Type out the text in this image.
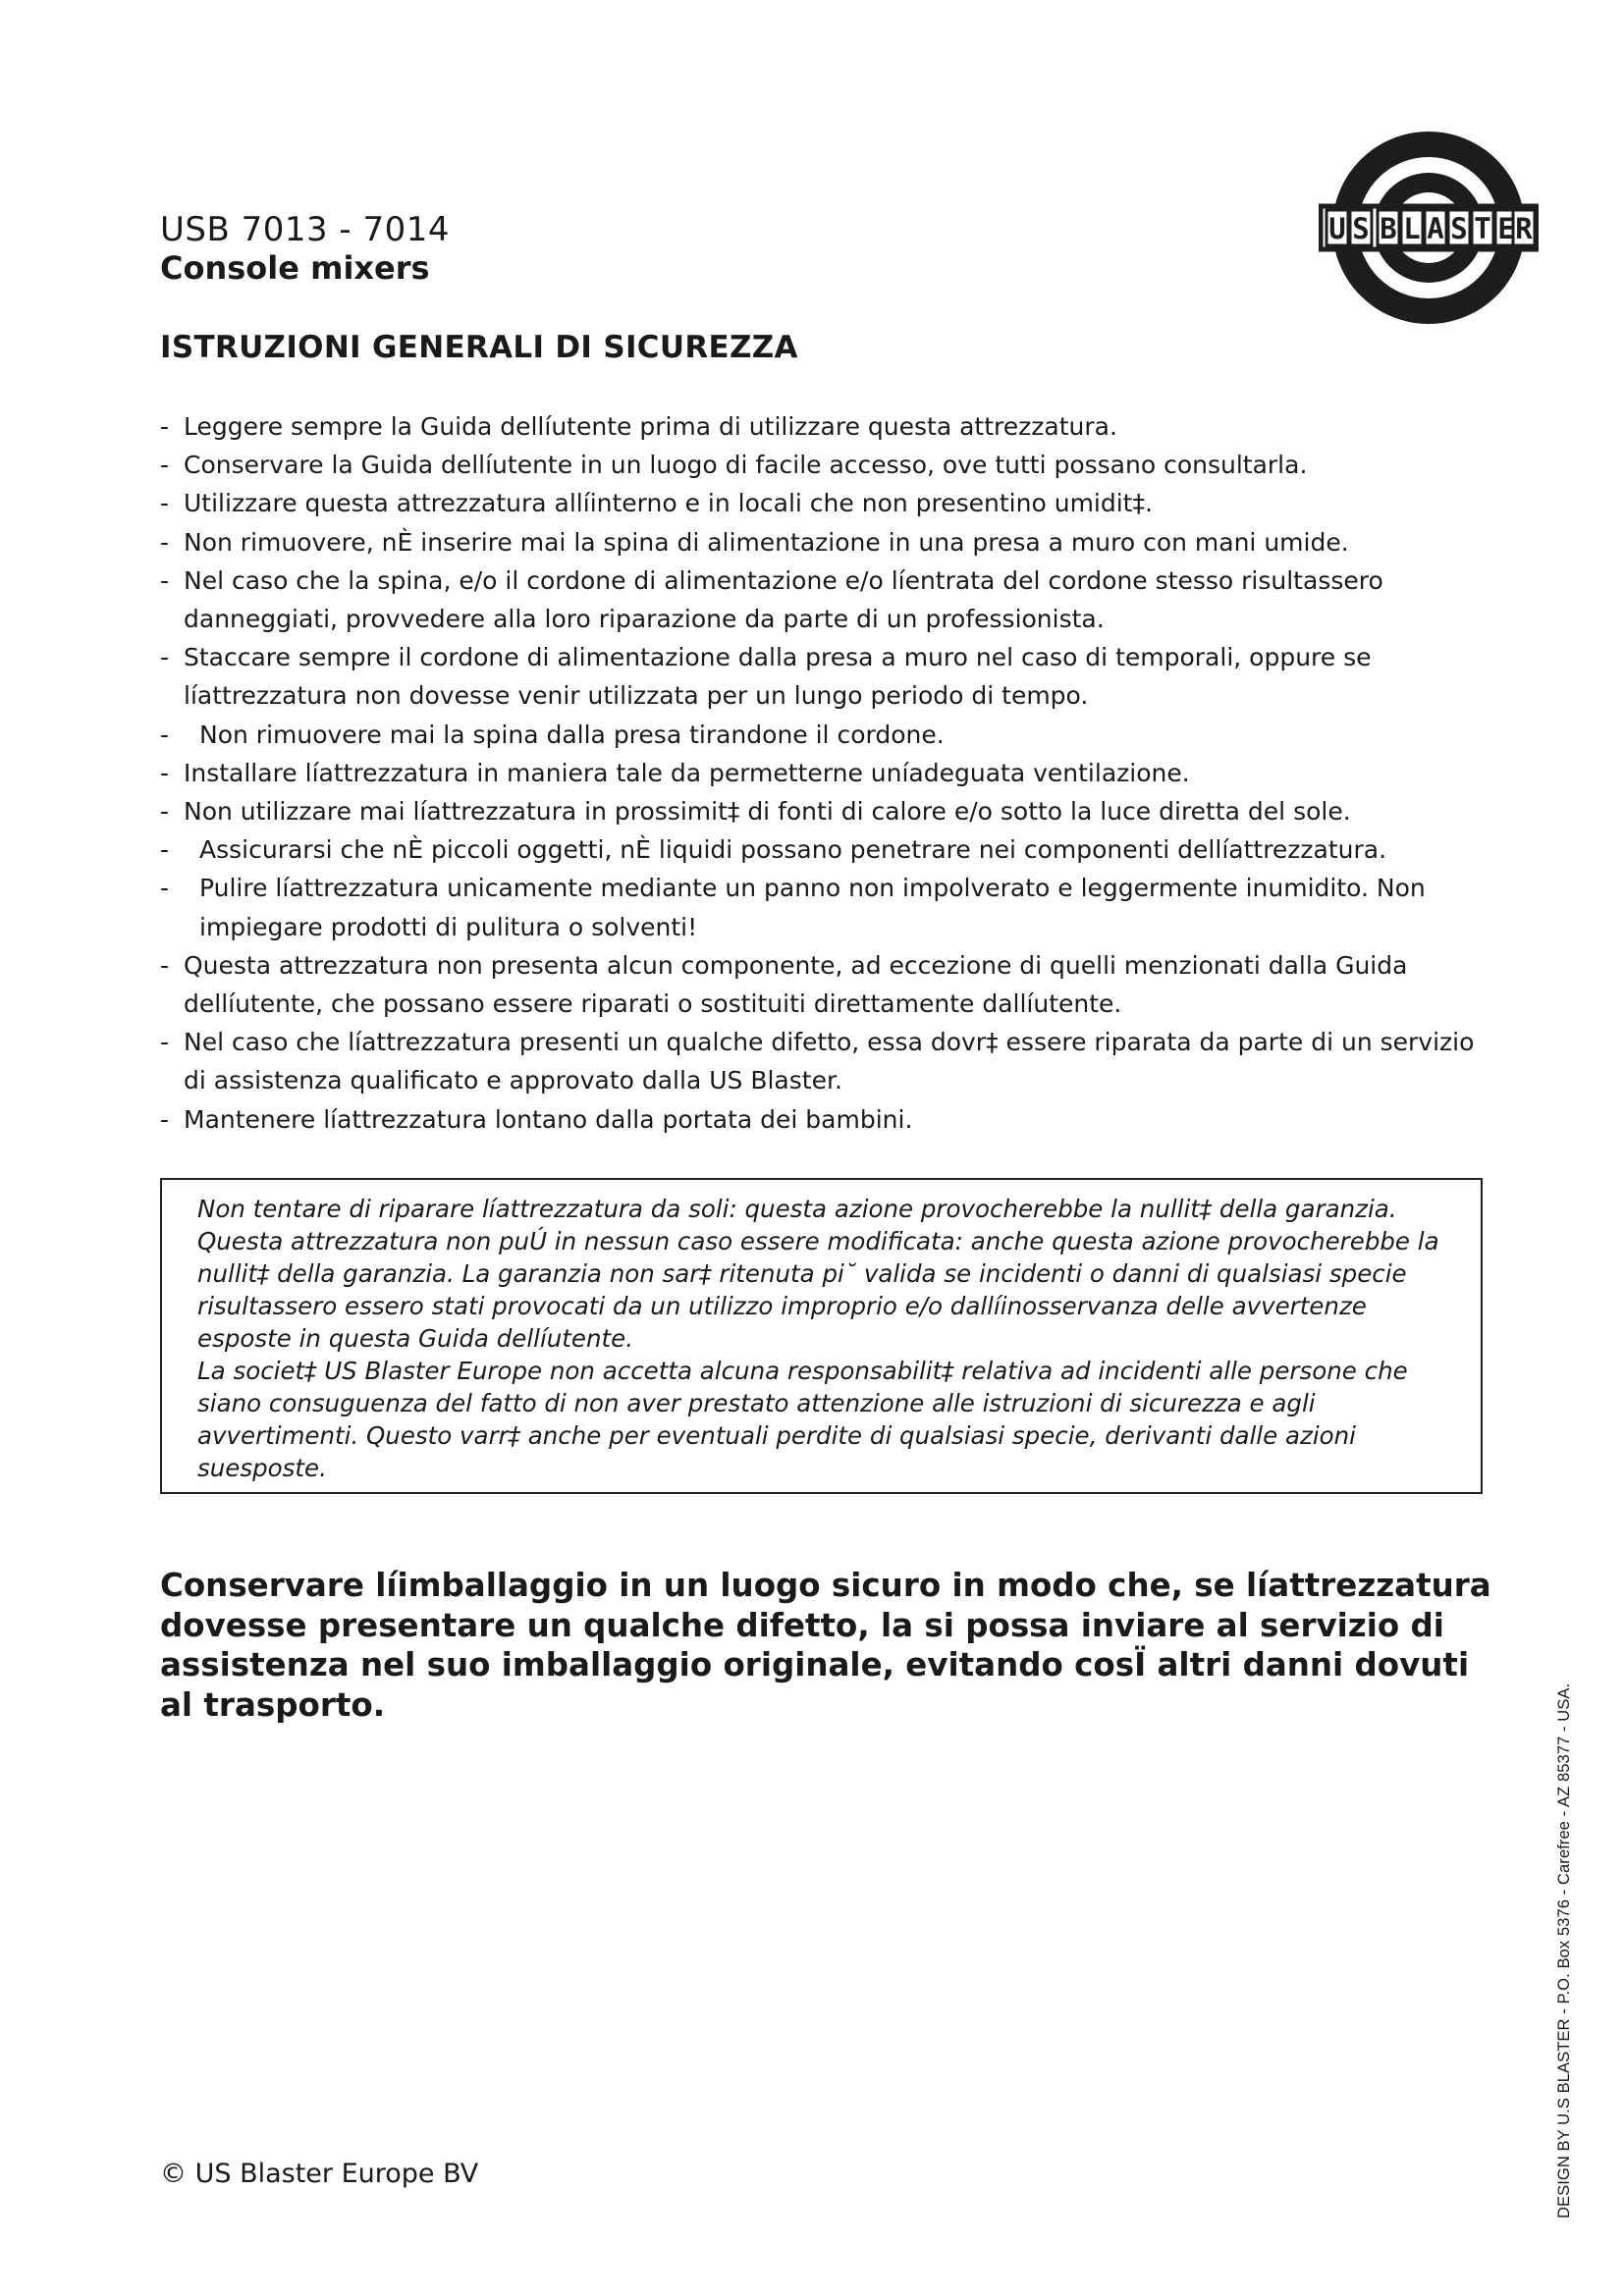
USB 7013 - 7014
Console mixers
ISTRUZIONI GENERALI DI SICUREZZA
U S B L A S T E R
- Leggere sempre la Guida dellíutente prima di utilizzare questa attrezzatura.
- Conservare la Guida dellíutente in un luogo di facile accesso, ove tutti possano consultarla.
- Utilizzare questa attrezzatura allíinterno e in locali che non presentino umidit‡.
- Non rimuovere, nÈ inserire mai la spina di alimentazione in una presa a muro con mani umide.
- Nel caso che la spina, e/o il cordone di alimentazione e/o líentrata del cordone stesso risultassero danneggiati, provvedere alla loro riparazione da parte di un professionista.
- Staccare sempre il cordone di alimentazione dalla presa a muro nel caso di temporali, oppure se líattrezzatura non dovesse venir utilizzata per un lungo periodo di tempo.
-	Non rimuovere mai la spina dalla presa tirandone il cordone.
- Installare líattrezzatura in maniera tale da permetterne uníadeguata ventilazione.
- Non utilizzare mai líattrezzatura in prossimit‡ di fonti di calore e/o sotto la luce diretta del sole.
-	Assicurarsi che nÈ piccoli oggetti, nÈ liquidi possano penetrare nei componenti dellíattrezzatura.
-	Pulire líattrezzatura unicamente mediante un panno non impolverato e leggermente inumidito. Non impiegare prodotti di pulitura o solventi!
- Questa attrezzatura non presenta alcun componente, ad eccezione di quelli menzionati dalla Guida dellíutente, che possano essere riparati o sostituiti direttamente dallíutente.
- Nel caso che líattrezzatura presenti un qualche difetto, essa dovr‡ essere riparata da parte di un servizio di assistenza qualificato e approvato dalla US Blaster.
- Mantenere líattrezzatura lontano dalla portata dei bambini.

Non tentare di riparare líattrezzatura da soli: questa azione provocherebbe la nullit‡ della garanzia. Questa attrezzatura non puÚ in nessun caso essere modificata: anche questa azione provocherebbe la nullit‡ della garanzia. La garanzia non sar‡ ritenuta pi˘ valida se incidenti o danni di qualsiasi specie risultassero essero stati provocati da un utilizzo improprio e/o dallíinosservanza delle avvertenze esposte in questa Guida dellíutente.

La societ‡ US Blaster Europe non accetta alcuna responsabilit‡ relativa ad incidenti alle persone che siano consuguenza del fatto di non aver prestato attenzione alle istruzioni di sicurezza e agli avvertimenti. Questo varr‡ anche per eventuali perdite di qualsiasi specie, derivanti dalle azioni suesposte.

Conservare líimballaggio in un luogo sicuro in modo che, se líattrezzatura dovesse presentare un qualche difetto, la si possa inviare al servizio di assistenza nel suo imballaggio originale, evitando cosÏ altri danni dovuti al trasporto.

© US Blaster Europe BV	DESIGN BY U.S BLASTER - P.O. Box 5376 - Carefree - AZ 85377 - USA.
